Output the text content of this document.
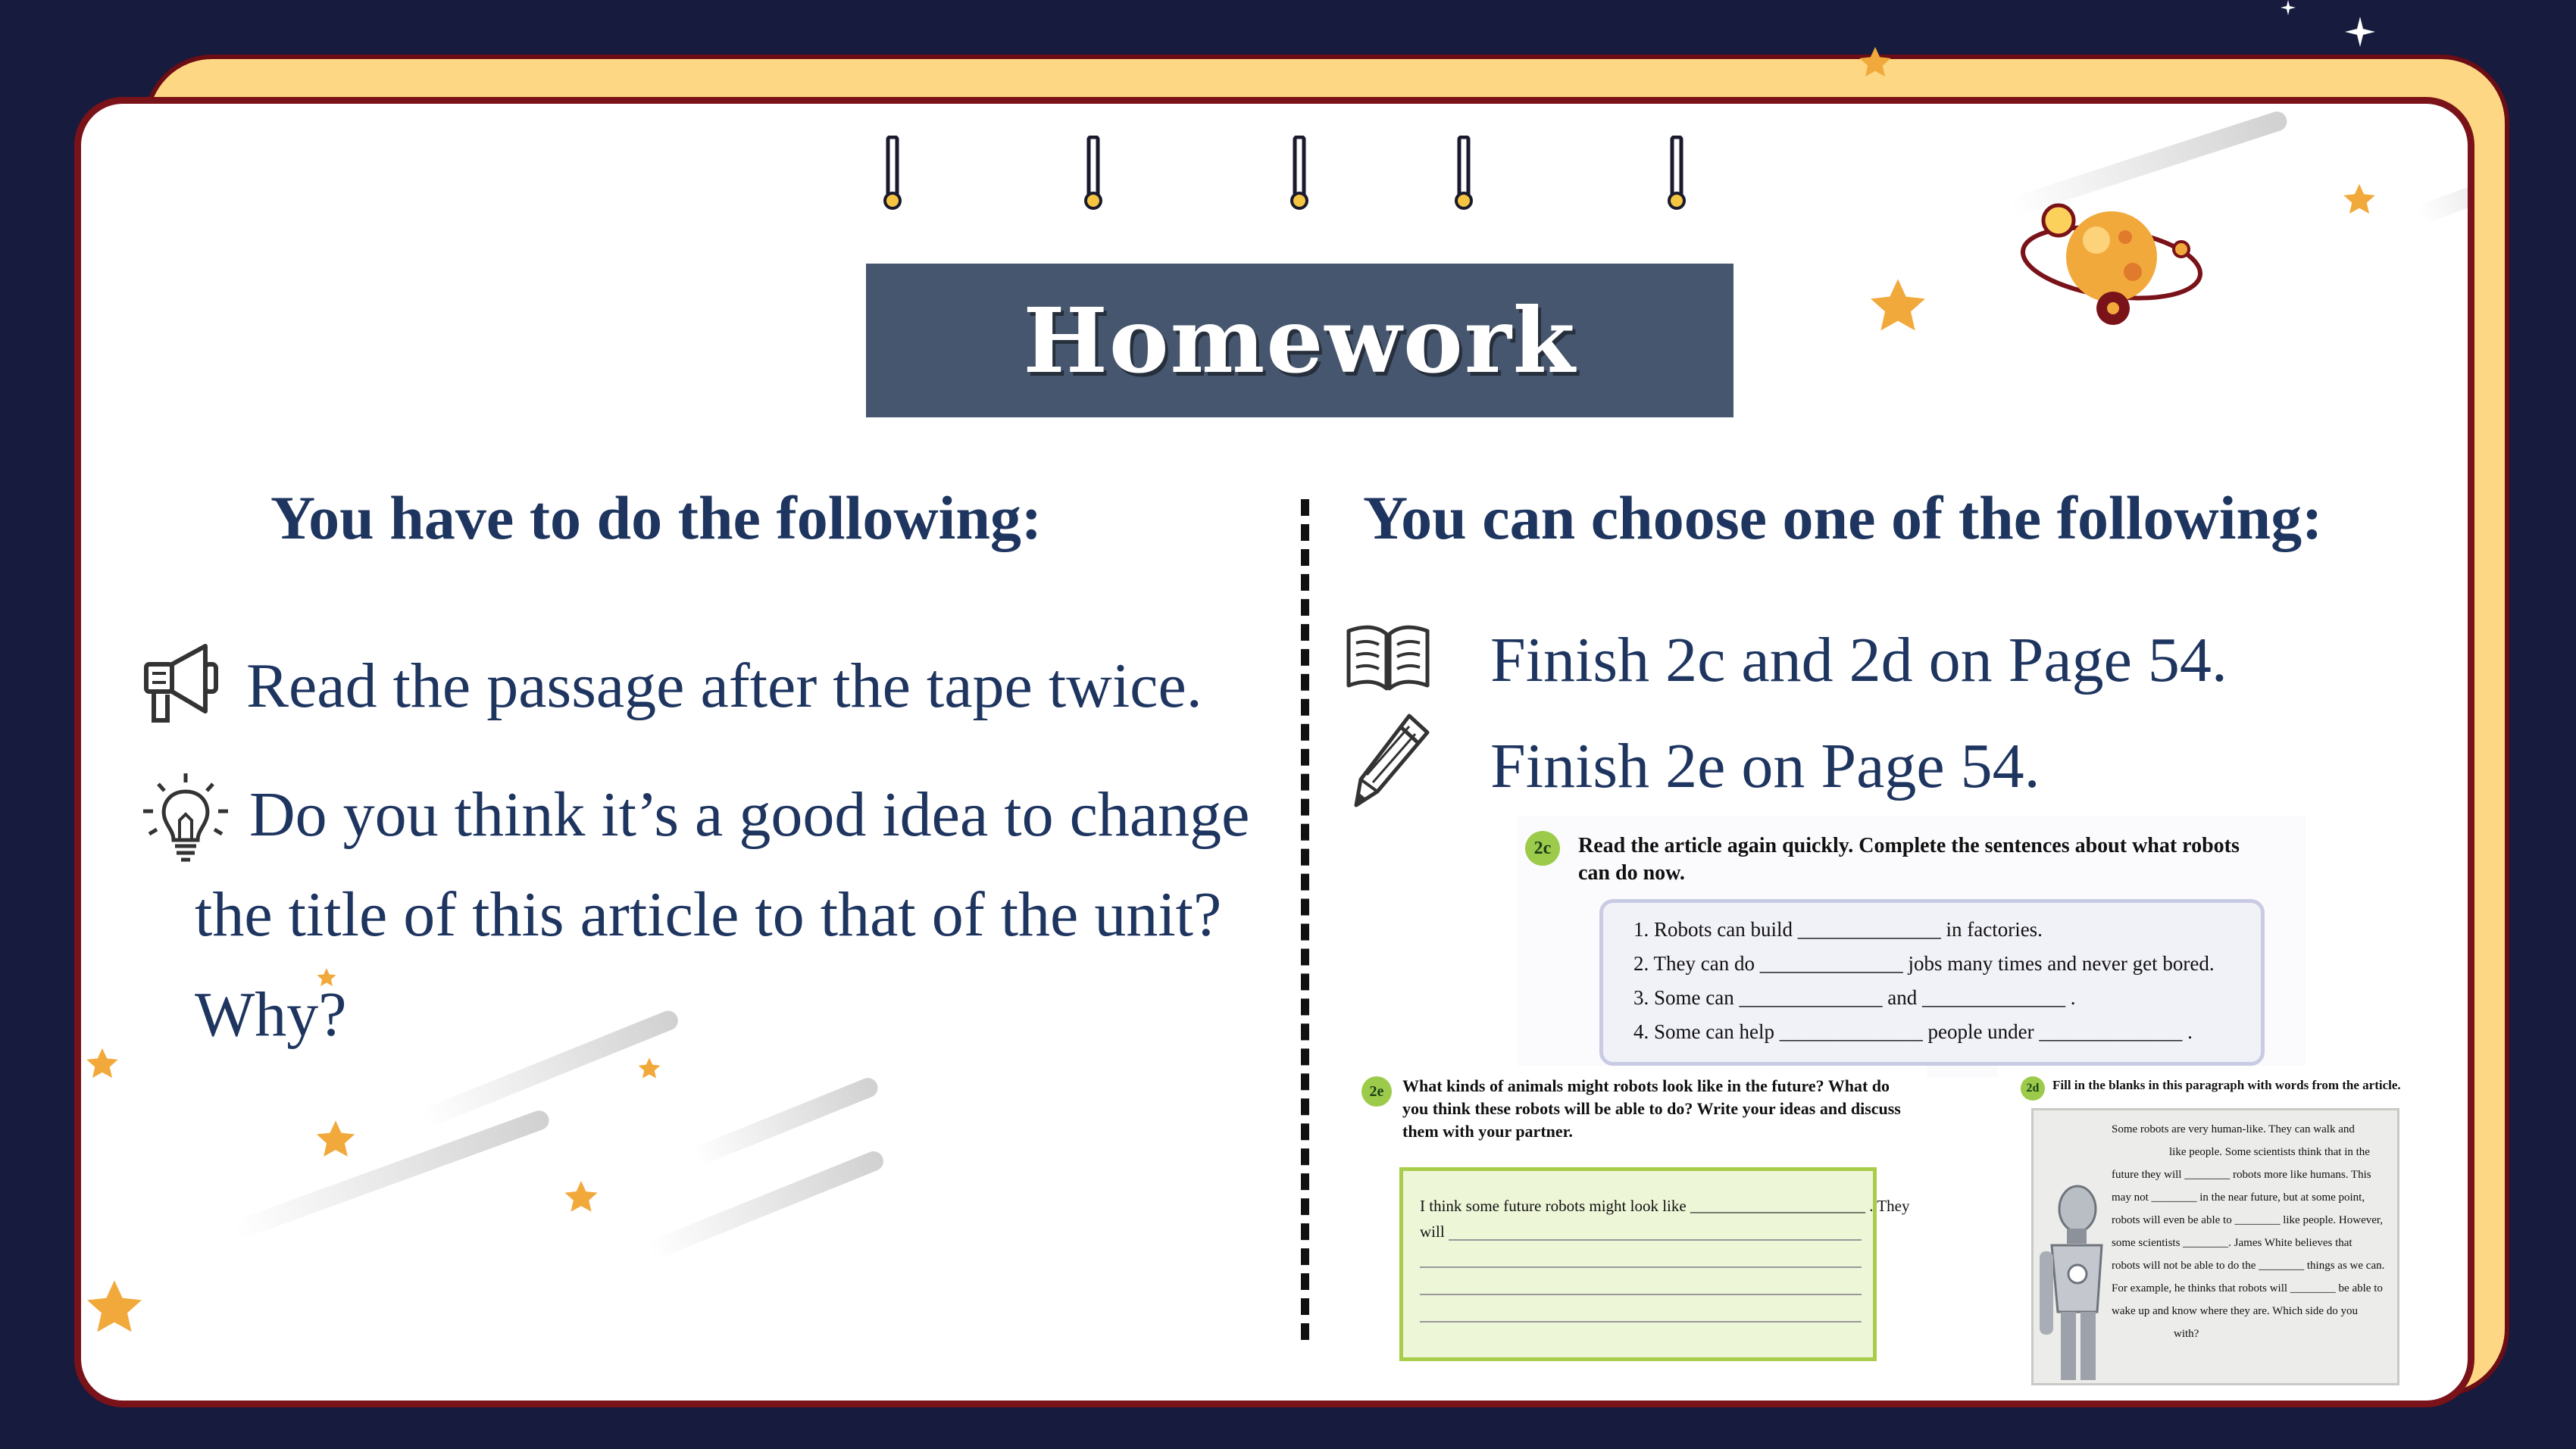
Homework
You have to do the following:	You can choose one of the following:
Read the passage after the tape twice.
Do you think it’s a good idea to change
the title of this article to that of the unit?
Why?
Finish 2c and 2d on Page 54.
Finish 2e on Page 54.
2c Read the article again quickly. Complete the sentences about what robots
can do now.
1. Robots can build ______________ in factories.
2. They can do ______________ jobs many times and never get bored.
3. Some can ______________ and ______________ .
4. Some can help ______________ people under ______________ .
2e What kinds of animals might robots look like in the future? What do
you think these robots will be able to do? Write your ideas and discuss
them with your partner.
I think some future robots might look like ______________________ . They
will
2d Fill in the blanks in this paragraph with words from the article.
Some robots are very human-like. They can walk and
like people. Some scientists think that in the
future they will ________ robots more like humans. This
may not ________ in the near future, but at some point,
robots will even be able to ________ like people. However,
some scientists ________. James White believes that
robots will not be able to do the ________ things as we can.
For example, he thinks that robots will ________ be able to
wake up and know where they are. Which side do you
with?
